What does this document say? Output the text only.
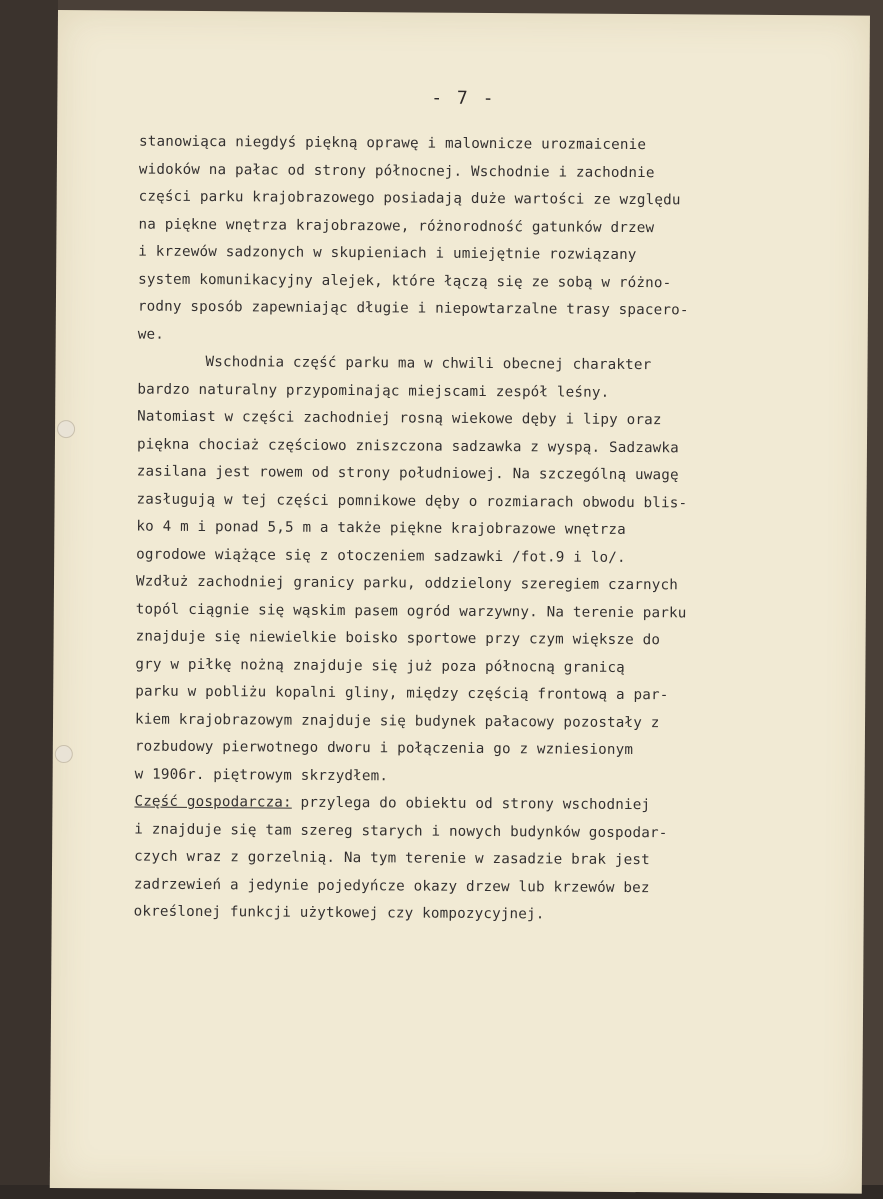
- 7 -
stanowiąca niegdyś piękną oprawę i malownicze urozmaicenie
widoków na pałac od strony północnej. Wschodnie i zachodnie
części parku krajobrazowego posiadają duże wartości ze względu
na piękne wnętrza krajobrazowe, różnorodność gatunków drzew
i krzewów sadzonych w skupieniach i umiejętnie rozwiązany
system komunikacyjny alejek, które łączą się ze sobą w różno-
rodny sposób zapewniając długie i niepowtarzalne trasy spacero-
we.
Wschodnia część parku ma w chwili obecnej charakter
bardzo naturalny przypominając miejscami zespół leśny.
Natomiast w części zachodniej rosną wiekowe dęby i lipy oraz
piękna chociaż częściowo zniszczona sadzawka z wyspą. Sadzawka
zasilana jest rowem od strony południowej. Na szczególną uwagę
zasługują w tej części pomnikowe dęby o rozmiarach obwodu blis-
ko 4 m i ponad 5,5 m a także piękne krajobrazowe wnętrza
ogrodowe wiążące się z otoczeniem sadzawki /fot.9 i lo/.
Wzdłuż zachodniej granicy parku, oddzielony szeregiem czarnych
topól ciągnie się wąskim pasem ogród warzywny. Na terenie parku
znajduje się niewielkie boisko sportowe przy czym większe do
gry w piłkę nożną znajduje się już poza północną granicą
parku w pobliżu kopalni gliny, między częścią frontową a par-
kiem krajobrazowym znajduje się budynek pałacowy pozostały z
rozbudowy pierwotnego dworu i połączenia go z wzniesionym
w 1906r. piętrowym skrzydłem.
Część gospodarcza: przylega do obiektu od strony wschodniej
i znajduje się tam szereg starych i nowych budynków gospodar-
czych wraz z gorzelnią. Na tym terenie w zasadzie brak jest
zadrzewień a jedynie pojedyńcze okazy drzew lub krzewów bez
określonej funkcji użytkowej czy kompozycyjnej.
